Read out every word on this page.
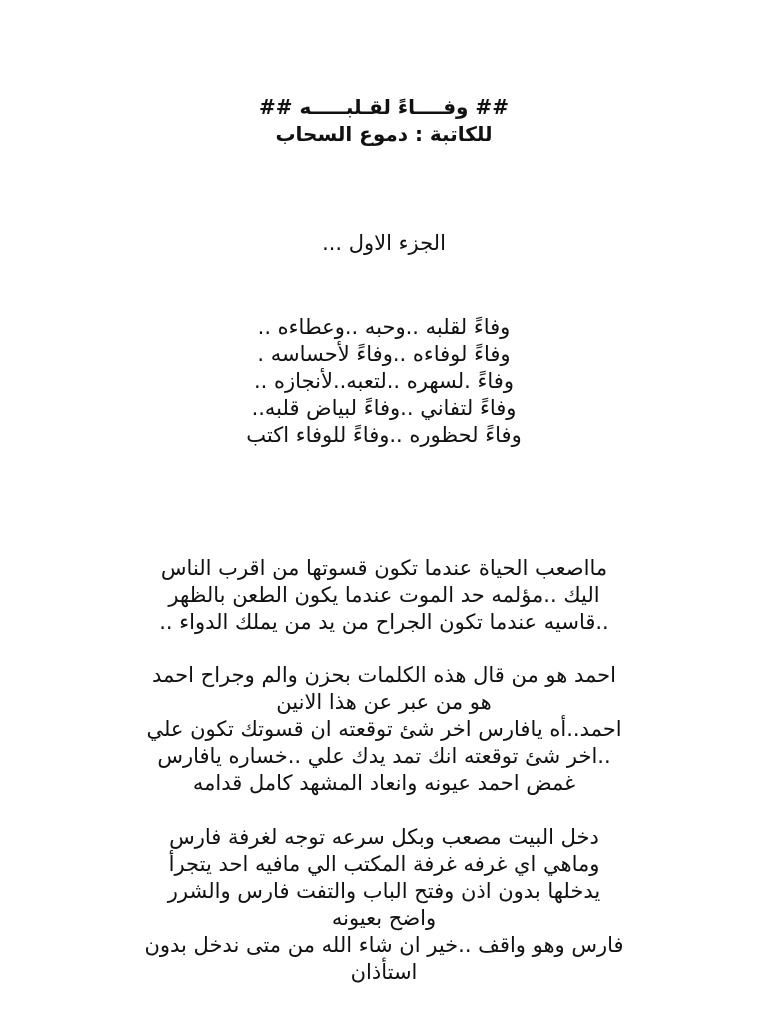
## وفــــاءً لقـلبـــــه ##
للكاتبة : دموع السحاب
الجزء الاول ...
وفاءً لقلبه ..وحبه ..وعطاءه ..
وفاءً لوفاءه ..وفاءً لأحساسه .
وفاءً .لسهره ..لتعبه..لأنجازه ..
وفاءً لتفاني ..وفاءً لبياض قلبه..
وفاءً لحظوره ..وفاءً للوفاء اكتب
مااصعب الحياة عندما تكون قسوتها من اقرب الناس
اليك ..مؤلمه حد الموت عندما يكون الطعن بالظهر
..قاسيه عندما تكون الجراح من يد من يملك الدواء ..
احمد هو من قال هذه الكلمات بحزن والم وجراح احمد
هو من عبر عن هذا الانين
احمد..أه يافارس اخر شئ توقعته ان قسوتك تكون علي
..اخر شئ توقعته انك تمد يدك علي ..خساره يافارس
غمض احمد عيونه وانعاد المشهد كامل قدامه
دخل البيت مصعب وبكل سرعه توجه لغرفة فارس
وماهي اي غرفه غرفة المكتب الي مافيه احد يتجرأ
يدخلها بدون اذن وفتح الباب والتفت فارس والشرر
واضح بعيونه
فارس وهو واقف ..خير ان شاء الله من متى ندخل بدون
استأذان
